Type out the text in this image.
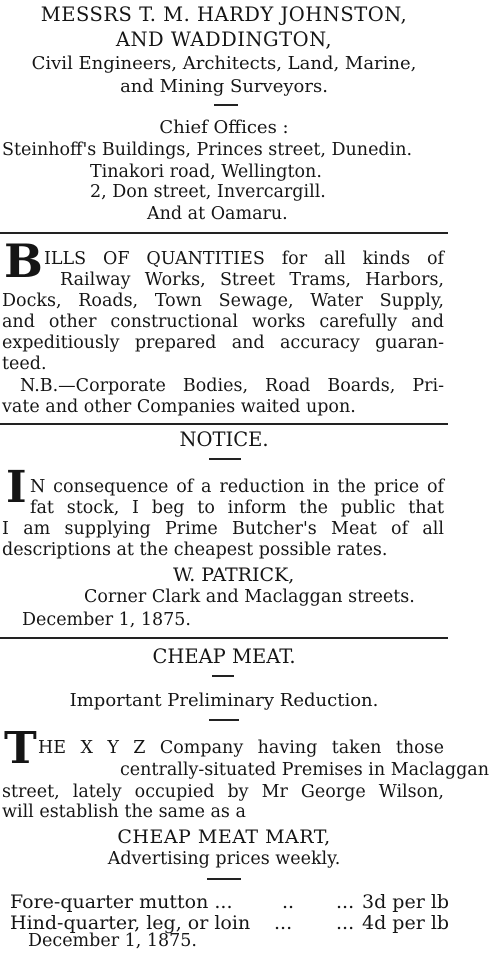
MESSRS T. M. HARDY JOHNSTON,
AND WADDINGTON,
Civil Engineers, Architects, Land, Marine,
and Mining Surveyors.
Chief Offices :
Steinhoff's Buildings, Princes street, Dunedin.
Tinakori road, Wellington.
2, Don street, Invercargill.
And at Oamaru.
B ILLS OF QUANTITIES for all kinds of
Railway Works, Street Trams, Harbors,
Docks, Roads, Town Sewage, Water Supply,
and other constructional works carefully and
expeditiously prepared and accuracy guaran-
teed.
N.B.—Corporate Bodies, Road Boards, Pri-
vate and other Companies waited upon.
NOTICE.
I N consequence of a reduction in the price of
fat stock, I beg to inform the public that
I am supplying Prime Butcher's Meat of all
descriptions at the cheapest possible rates.
W. PATRICK,
Corner Clark and Maclaggan streets.
December 1, 1875.
CHEAP MEAT.
Important Preliminary Reduction.
T HE X Y Z Company having taken those
centrally-situated Premises in Maclaggan
street, lately occupied by Mr George Wilson,
will establish the same as a
CHEAP MEAT MART,
Advertising prices weekly.
Fore-quarter mutton ...	.. ... 3d per lb
Hind-quarter, leg, or loin ... ... 4d per lb
December 1, 1875.
